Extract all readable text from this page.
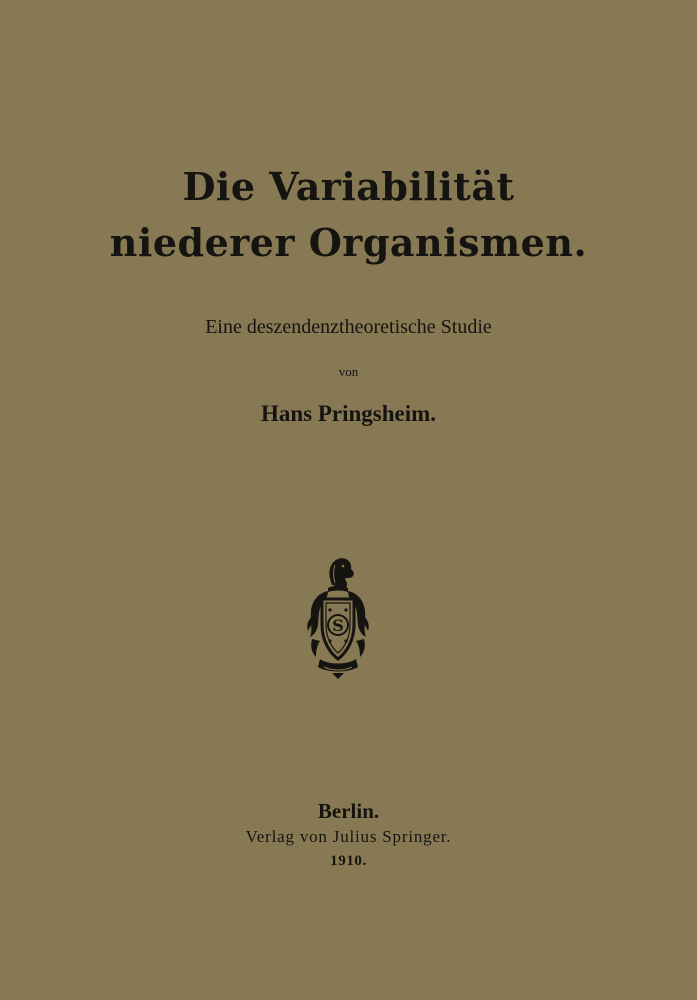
Die Variabilität
niederer Organismen.
Eine deszendenztheoretische Studie
von
Hans Pringsheim.
S
Berlin.
Verlag von Julius Springer.
1910.
